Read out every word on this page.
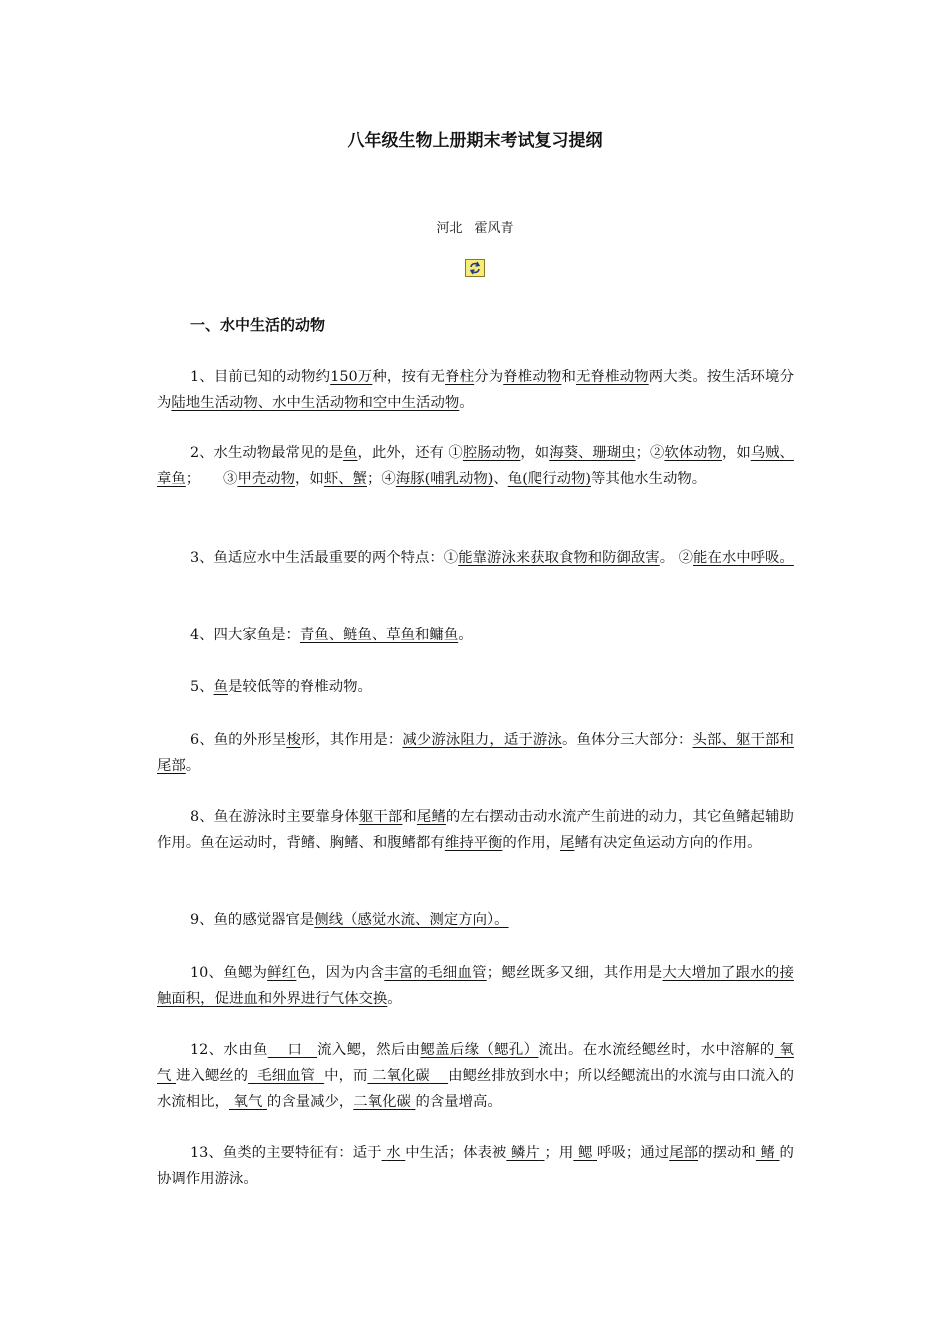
八年级生物上册期末考试复习提纲
河北 霍风青
一、水中生活的动物
1、目前已知的动物约150万种，按有无脊柱分为脊椎动物和无脊椎动物两大类。按生活环境分为陆地生活动物、水中生活动物和空中生活动物。
2、水生动物最常见的是鱼，此外，还有 ①腔肠动物，如海葵、珊瑚虫；②软体动物，如乌贼、章鱼；     ③甲壳动物，如虾、蟹；④海豚(哺乳动物)、龟(爬行动物)等其他水生动物。
3、鱼适应水中生活最重要的两个特点：①能靠游泳来获取食物和防御敌害。 ②能在水中呼吸。
4、四大家鱼是：青鱼、鲢鱼、草鱼和鳙鱼。
5、鱼是较低等的脊椎动物。
6、鱼的外形呈梭形，其作用是：减少游泳阻力，适于游泳。鱼体分三大部分：头部、躯干部和尾部。
8、鱼在游泳时主要靠身体躯干部和尾鳍的左右摆动击动水流产生前进的动力，其它鱼鳍起辅助作用。鱼在运动时，背鳍、胸鳍、和腹鳍都有维持平衡的作用，尾鳍有决定鱼运动方向的作用。
9、鱼的感觉器官是侧线（感觉水流、测定方向）。
10、鱼鳃为鲜红色，因为内含丰富的毛细血管；鳃丝既多又细，其作用是大大增加了跟水的接触面积，促进血和外界进行气体交换。
12、水由鱼 口 流入鳃，然后由鳃盖后缘（鳃孔）流出。在水流经鳃丝时，水中溶解的 氧气 进入鳃丝的 毛细血管 中，而 二氧化碳 由鳃丝排放到水中；所以经鳃流出的水流与由口流入的水流相比， 氧气 的含量减少，二氧化碳 的含量增高。
13、鱼类的主要特征有：适于 水 中生活；体表被 鳞片 ；用 鳃 呼吸；通过尾部的摆动和 鳍 的协调作用游泳。
